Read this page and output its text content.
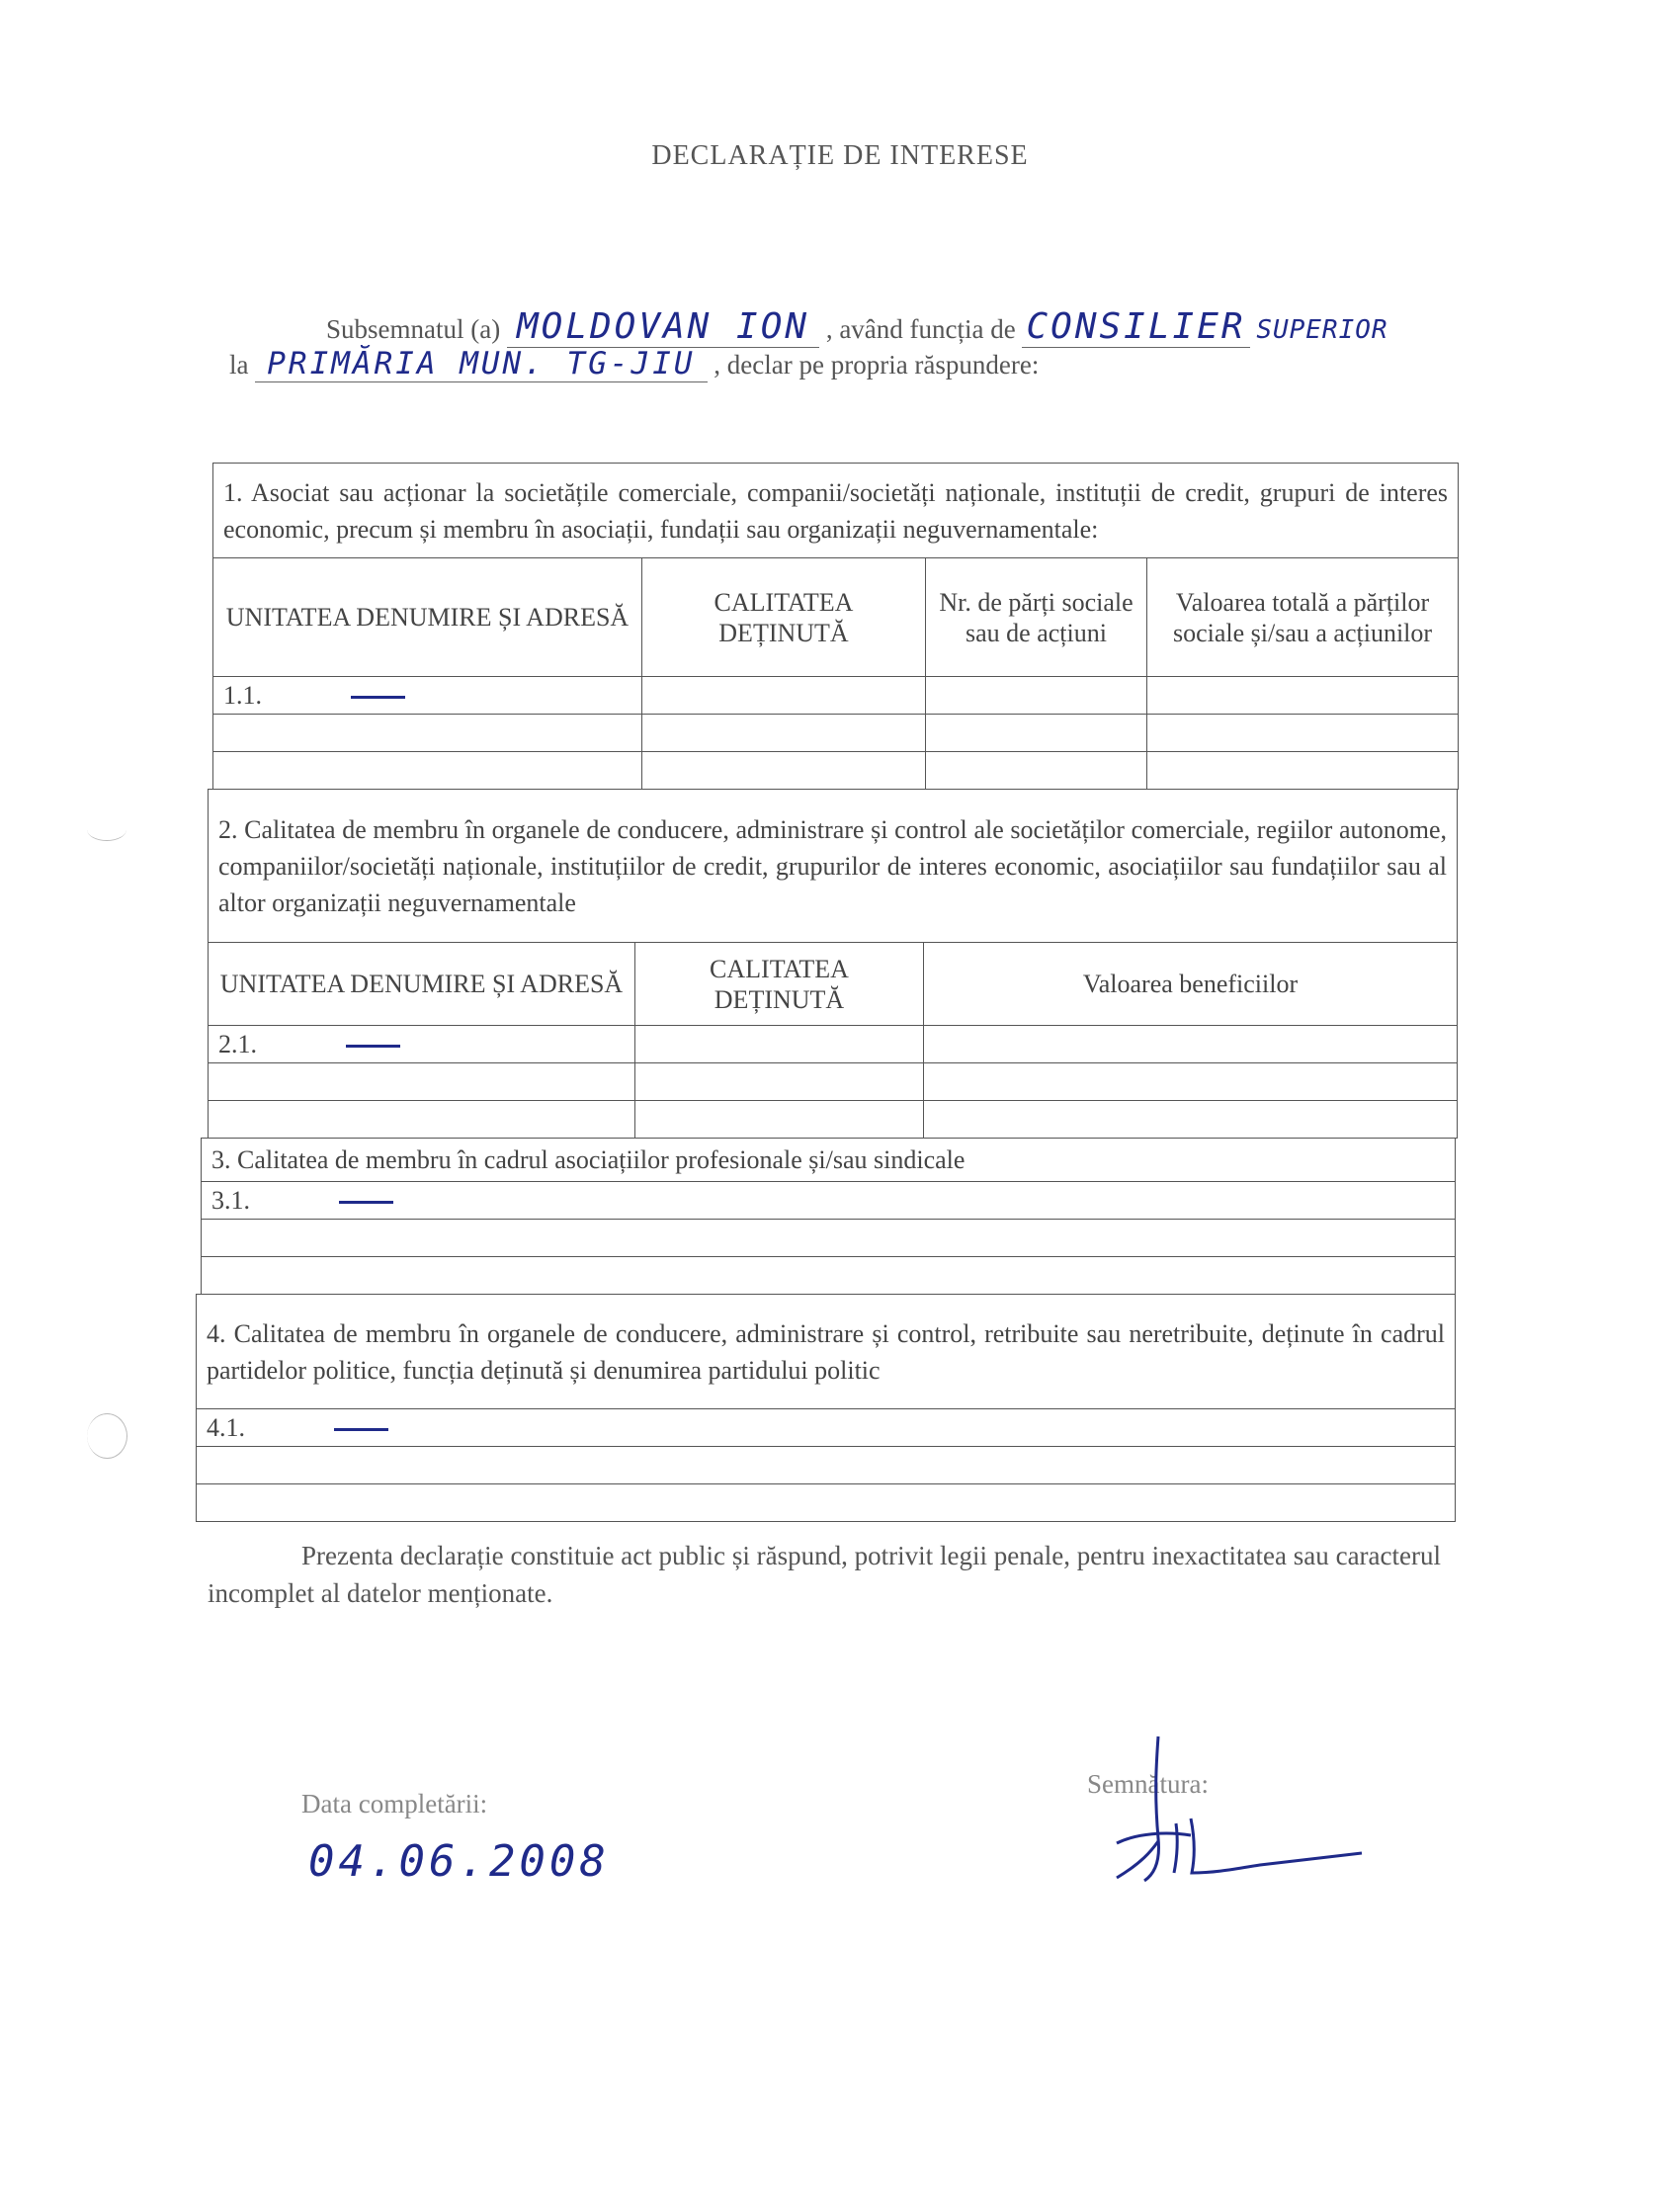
DECLARAȚIE DE INTERESE
Subsemnatul (a) MOLDOVAN ION , având funcția de CONSILIER SUPERIOR
la PRIMĂRIA MUN. TG-JIU , declar pe propria răspundere:
1. Asociat sau acționar la societățile comerciale, companii/societăți naționale, instituții de credit, grupuri de interes economic, precum și membru în asociații, fundații sau organizații neguvernamentale:			
UNITATEA DENUMIRE ȘI ADRESĂ	CALITATEA DEȚINUTĂ	Nr. de părți sociale sau de acțiuni	Valoarea totală a părților sociale și/sau a acțiunilor
1.1.			

2. Calitatea de membru în organele de conducere, administrare și control ale societăților comerciale, regiilor autonome, companiilor/societăți naționale, instituțiilor de credit, grupurilor de interes economic, asociațiilor sau fundațiilor sau al altor organizații neguvernamentale		
UNITATEA DENUMIRE ȘI ADRESĂ	CALITATEA DEȚINUTĂ	Valoarea beneficiilor
2.1.		

3. Calitatea de membru în cadrul asociațiilor profesionale și/sau sindicale
3.1.

4. Calitatea de membru în organele de conducere, administrare și control, retribuite sau neretribuite, deținute în cadrul partidelor politice, funcția deținută și denumirea partidului politic
4.1.

Prezenta declarație constituie act public și răspund, potrivit legii penale, pentru inexactitatea sau caracterul incomplet al datelor menționate.
Data completării:
04.06.2008
Semnătura:
